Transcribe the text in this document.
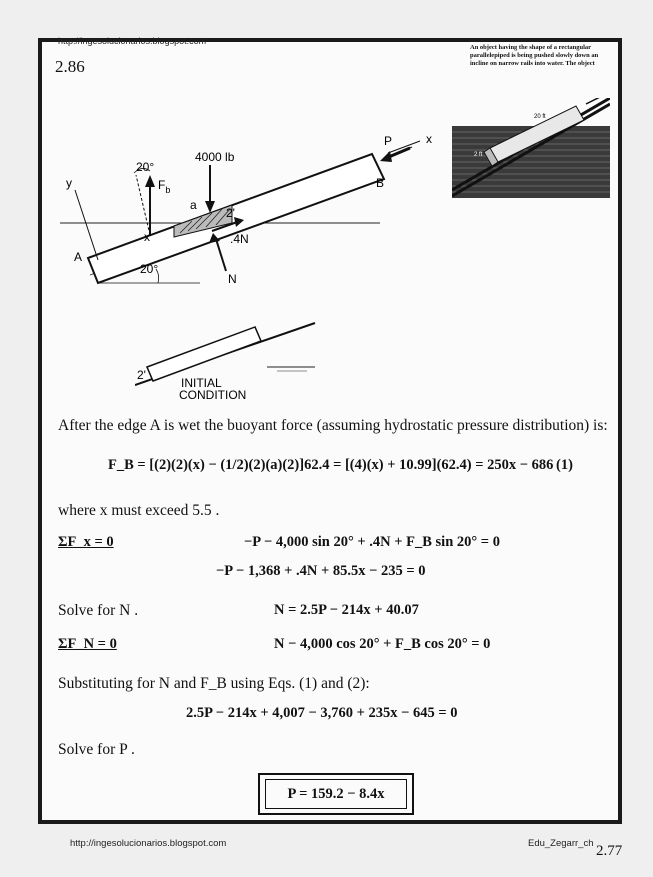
http://ingesolucionarios.blogspot.com
2.86
An object having the shape of a rectangular parallelepiped is being pushed slowly down an incline on narrow rails into water. The object
20 ft
2 ft
4000 lb
20°
$F_b$
P	x
y
A
B
a
2'
.4N
N
20°
x
2'
INITIAL
CONDITION
After the edge A is wet the buoyant force (assuming hydrostatic pressure distribution) is:
F_B = [(2)(2)(x) − (1/2)(2)(a)(2)]62.4 = [(4)(x) + 10.99](62.4) = 250x − 686 (1)
where x must exceed 5.5 .
ΣF_x = 0	−P − 4,000 sin 20° + .4N + F_B sin 20° = 0
−P − 1,368 + .4N + 85.5x − 235 = 0
Solve for N .	N = 2.5P − 214x + 40.07
ΣF_N = 0	N − 4,000 cos 20° + F_B cos 20° = 0
Substituting for N and F_B using Eqs. (1) and (2):
2.5P − 214x + 4,007 − 3,760 + 235x − 645 = 0
Solve for P .
P = 159.2 − 8.4x
http://ingesolucionarios.blogspot.com	Edu_Zegarr_ch 2.77
